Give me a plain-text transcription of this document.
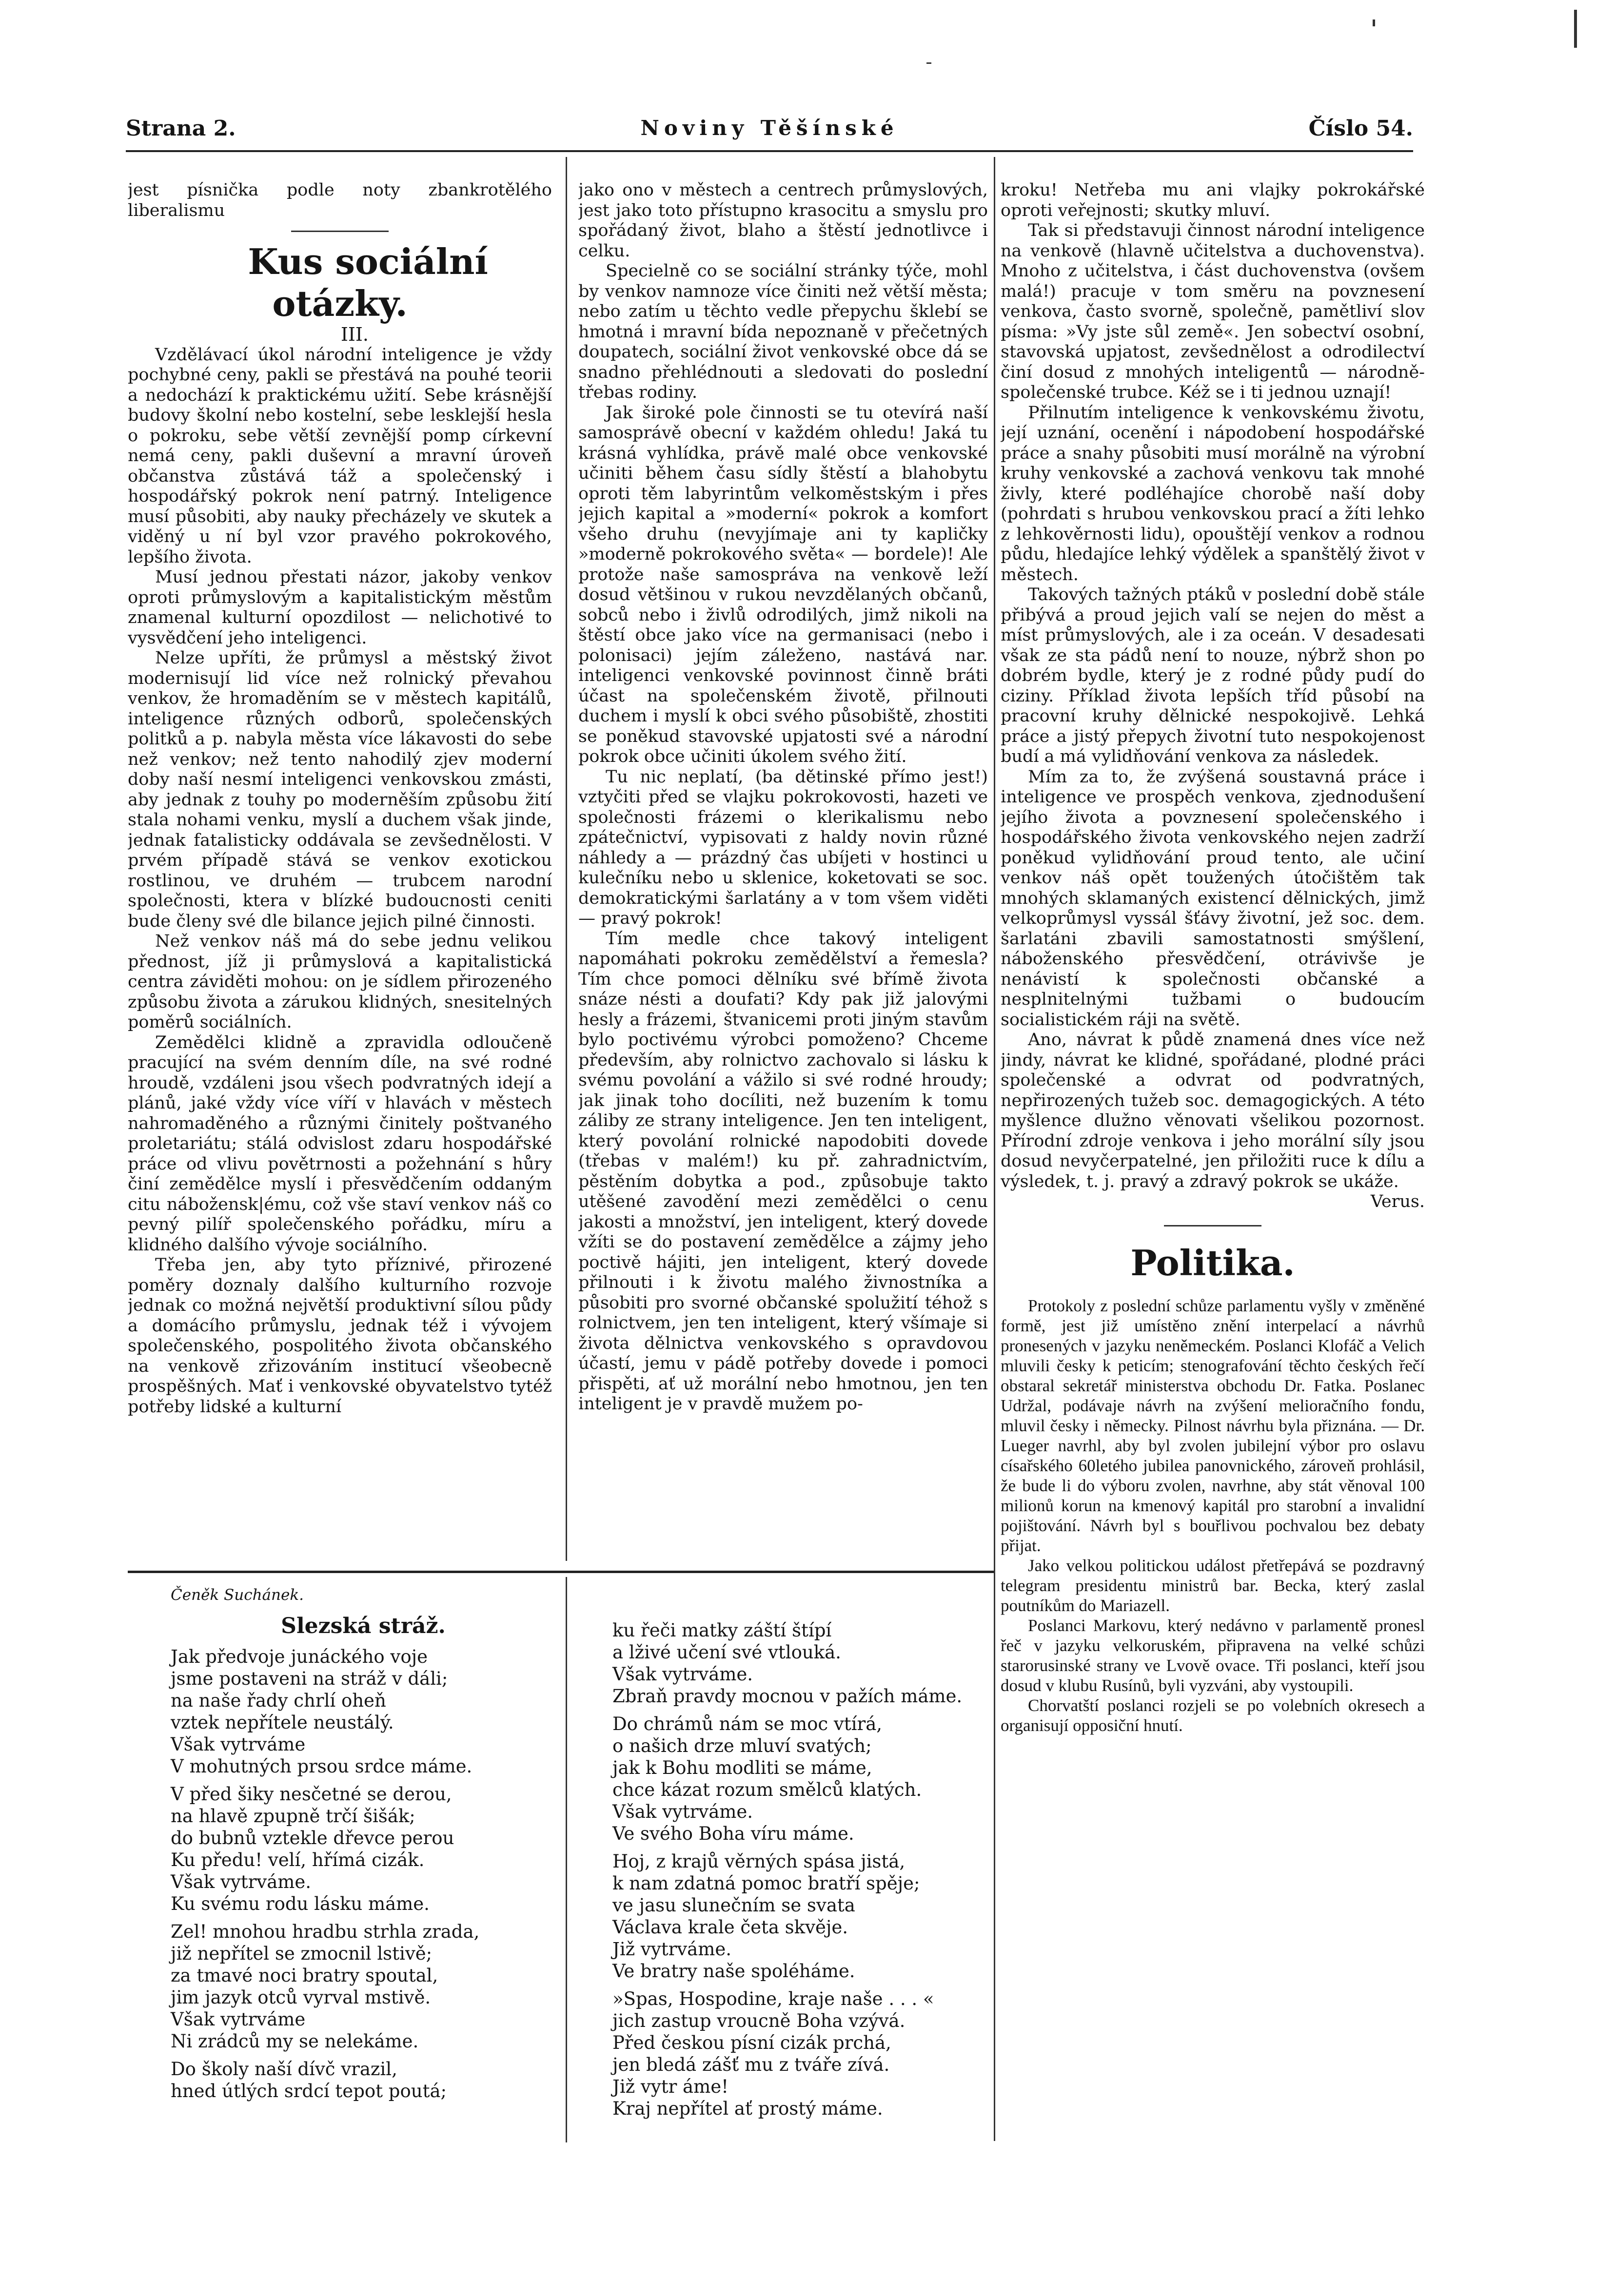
Strana 2.	Noviny Těšínské	Číslo 54.

jest písnička podle noty zbankrotělého liberalismu

Kus sociální otázky.

III.

Vzdělávací úkol národní inteligence je vždy pochybné ceny, pakli se přestává na pouhé teorii a nedochází k praktickému užití. Sebe krásnější budovy školní nebo kostelní, sebe lesklejší hesla o pokroku, sebe větší zevnější pomp církevní nemá ceny, pakli duševní a mravní úroveň občanstva zůstává táž a společenský i hospodářský pokrok není patrný. Inteligence musí působiti, aby nauky přecházely ve skutek a viděný u ní byl vzor pravého pokrokového, lepšího života.

Musí jednou přestati názor, jakoby venkov oproti průmyslovým a kapitalistickým městům znamenal kulturní opozdilost — nelichotivé to vysvědčení jeho inteligenci.

Nelze upříti, že průmysl a městský život modernisují lid více než rolnický převahou venkov, že hromaděním se v městech kapitálů, inteligence různých odborů, společenských politků a p. nabyla města více lákavosti do sebe než venkov; než tento nahodilý zjev moderní doby naší nesmí inteligenci venkovskou zmásti, aby jednak z touhy po moderněším způsobu žití stala nohami venku, myslí a duchem však jinde, jednak fatalisticky oddávala se zevšednělosti. V prvém případě stává se venkov exotickou rostlinou, ve druhém — trubcem narodní společnosti, ktera v blízké budoucnosti ceniti bude členy své dle bilance jejich pilné činnosti.

Než venkov náš má do sebe jednu velikou přednost, jíž ji průmyslová a kapitalistická centra záviděti mohou: on je sídlem přirozeného způsobu života a zárukou klidných, snesitelných poměrů sociálních.

Zemědělci klidně a zpravidla odloučeně pracující na svém denním díle, na své rodné hroudě, vzdáleni jsou všech podvratných idejí a plánů, jaké vždy více víří v hlavách v městech nahromaděného a různými činitely poštvaného proletariátu; stálá odvislost zdaru hospodářské práce od vlivu povětrnosti a požehnání s hůry činí zemědělce myslí i přesvědčením oddaným citu nábožensk|ému, což vše staví venkov náš co pevný pilíř společenského pořádku, míru a klidného dalšího vývoje sociálního.

Třeba jen, aby tyto příznivé, přirozené poměry doznaly dalšího kulturního rozvoje jednak co možná největší produktivní sílou půdy a domácího průmyslu, jednak též i vývojem společenského, pospolitého života občanského na venkově zřizováním institucí všeobecně prospěšných. Mať i venkovské obyvatelstvo tytéž potřeby lidské a kulturní

jako ono v městech a centrech průmyslových, jest jako toto přístupno krasocitu a smyslu pro spořádaný život, blaho a štěstí jednotlivce i celku.

Specielně co se sociální stránky týče, mohl by venkov namnoze více činiti než větší města; nebo zatím u těchto vedle přepychu šklebí se hmotná i mravní bída nepoznaně v přečetných doupatech, sociální život venkovské obce dá se snadno přehlédnouti a sledovati do poslední třebas rodiny.

Jak široké pole činnosti se tu otevírá naší samosprávě obecní v každém ohledu! Jaká tu krásná vyhlídka, právě malé obce venkovské učiniti během času sídly štěstí a blahobytu oproti těm labyrintům velkoměstským i přes jejich kapital a »moderní« pokrok a komfort všeho druhu (nevyjímaje ani ty kapličky »moderně pokrokového světa« — bordele)! Ale protože naše samospráva na venkově leží dosud většinou v rukou nevzdělaných občanů, sobců nebo i živlů odrodilých, jimž nikoli na štěstí obce jako více na germanisaci (nebo i polonisaci) jejím záleženo, nastává nar. inteligenci venkovské povinnost činně bráti účast na společenském životě, přilnouti duchem i myslí k obci svého působiště, zhostiti se poněkud stavovské upjatosti své a národní pokrok obce učiniti úkolem svého žití.

Tu nic neplatí, (ba dětinské přímo jest!) vztyčiti před se vlajku pokrokovosti, hazeti ve společnosti frázemi o klerikalismu nebo zpátečnictví, vypisovati z haldy novin různé náhledy a — prázdný čas ubíjeti v hostinci u kulečníku nebo u sklenice, koketovati se soc. demokratickými šarlatány a v tom všem viděti — pravý pokrok!

Tím medle chce takový inteligent napomáhati pokroku zemědělství a řemesla? Tím chce pomoci dělníku své břímě života snáze nésti a doufati? Kdy pak již jalovými hesly a frázemi, štvanicemi proti jiným stavům bylo poctivému výrobci pomoženo? Chceme především, aby rolnictvo zachovalo si lásku k svému povolání a vážilo si své rodné hroudy; jak jinak toho docíliti, než buzením k tomu záliby ze strany inteligence. Jen ten inteligent, který povolání rolnické napodobiti dovede (třebas v malém!) ku př. zahradnictvím, pěstěním dobytka a pod., způsobuje takto utěšené zavodění mezi zemědělci o cenu jakosti a množství, jen inteligent, který dovede vžíti se do postavení zemědělce a zájmy jeho poctivě hájiti, jen inteligent, který dovede přilnouti i k životu malého živnostníka a působiti pro svorné občanské spolužití téhož s rolnictvem, jen ten inteligent, který všímaje si života dělnictva venkovského s opravdovou účastí, jemu v pádě potřeby dovede i pomoci přispěti, ať už morální nebo hmotnou, jen ten inteligent je v pravdě mužem po-

kroku! Netřeba mu ani vlajky pokrokářské oproti veřejnosti; skutky mluví.

Tak si představuji činnost národní inteligence na venkově (hlavně učitelstva a duchovenstva). Mnoho z učitelstva, i část duchovenstva (ovšem malá!) pracuje v tom směru na povznesení venkova, často svorně, společně, pamětliví slov písma: »Vy jste sůl země«. Jen sobectví osobní, stavovská upjatost, zevšednělost a odrodilectví činí dosud z mnohých inteligentů — národně-společenské trubce. Kéž se i ti jednou uznají!

Přilnutím inteligence k venkovskému životu, její uznání, ocenění i nápodobení hospodářské práce a snahy působiti musí morálně na výrobní kruhy venkovské a zachová venkovu tak mnohé živly, které podléhajíce chorobě naší doby (pohrdati s hrubou venkovskou prací a žíti lehko z lehkověrnosti lidu), opouštějí venkov a rodnou půdu, hledajíce lehký výdělek a spanštělý život v městech.

Takových tažných ptáků v poslední době stále přibývá a proud jejich valí se nejen do měst a míst průmyslových, ale i za oceán. V desadesati však ze sta pádů není to nouze, nýbrž shon po dobrém bydle, který je z rodné půdy pudí do ciziny. Příklad života lepších tříd působí na pracovní kruhy dělnické nespokojivě. Lehká práce a jistý přepych životní tuto nespokojenost budí a má vylidňování venkova za následek.

Mím za to, že zvýšená soustavná práce i inteligence ve prospěch venkova, zjednodušení jejího života a povznesení společenského i hospodářského života venkovského nejen zadrží poněkud vylidňování proud tento, ale učiní venkov náš opět toužených útočištěm tak mnohých sklamaných existencí dělnických, jimž velkoprůmysl vyssál šťávy životní, jež soc. dem. šarlatáni zbavili samostatnosti smýšlení, náboženského přesvědčení, otrávivše je nenávistí k společnosti občanské a nesplnitelnými tužbami o budoucím socialistickém ráji na světě.

Ano, návrat k půdě znamená dnes více než jindy, návrat ke klidné, spořádané, plodné práci společenské a odvrat od podvratných, nepřirozených tužeb soc. demagogických. A této myšlence dlužno věnovati všelikou pozornost. Přírodní zdroje venkova i jeho morální síly jsou dosud nevyčerpatelné, jen přiložiti ruce k dílu a výsledek, t. j. pravý a zdravý pokrok se ukáže.

Verus.

Politika.

Protokoly z poslední schůze parlamentu vyšly v změněné formě, jest již umístěno znění interpelací a návrhů pronesených v jazyku neněmeckém. Poslanci Klofáč a Velich mluvili česky k peticím; stenografování těchto českých řečí obstaral sekretář ministerstva obchodu Dr. Fatka. Poslanec Udržal, podávaje návrh na zvýšení melioračního fondu, mluvil česky i německy. Pilnost návrhu byla přiznána. — Dr. Lueger navrhl, aby byl zvolen jubilejní výbor pro oslavu císařského 60letého jubilea panovnického, zároveň prohlásil, že bude li do výboru zvolen, navrhne, aby stát věnoval 100 milionů korun na kmenový kapitál pro starobní a invalidní pojištování. Návrh byl s bouřlivou pochvalou bez debaty přijat.

Jako velkou politickou událost přetřepává se pozdravný telegram presidentu ministrů bar. Becka, který zaslal poutníkům do Mariazell.

Poslanci Markovu, který nedávno v parlamentě pronesl řeč v jazyku velkoruském, připravena na velké schůzi starorusinské strany ve Lvově ovace. Tři poslanci, kteří jsou dosud v klubu Rusínů, byli vyzváni, aby vystoupili.

Chorvatští poslanci rozjeli se po volebních okresech a organisují opposiční hnutí.

Čeněk Suchánek.
Slezská stráž.
Jak předvoje junáckého voje
jsme postaveni na stráž v dáli;
na naše řady chrlí oheň
vztek nepřítele neustálý.
Však vytrváme
V mohutných prsou srdce máme.
V před šiky nesčetné se derou,
na hlavě zpupně trčí šišák;
do bubnů vztekle dřevce perou
Ku předu! velí, hřímá cizák.
Však vytrváme.
Ku svému rodu lásku máme.
Zel! mnohou hradbu strhla zrada,
již nepřítel se zmocnil lstivě;
za tmavé noci bratry spoutal,
jim jazyk otců vyrval mstivě.
Však vytrváme
Ni zrádců my se nelekáme.
Do školy naší dívč vrazil,
hned útlých srdcí tepot poutá;
ku řeči matky záští štípí
a lživé učení své vtlouká.
Však vytrváme.
Zbraň pravdy mocnou v pažích máme.
Do chrámů nám se moc vtírá,
o našich drze mluví svatých;
jak k Bohu modliti se máme,
chce kázat rozum smělců klatých.
Však vytrváme.
Ve svého Boha víru máme.
Hoj, z krajů věrných spása jistá,
k nam zdatná pomoc bratří spěje;
ve jasu slunečním se svata
Václava krale četa skvěje.
Již vytrváme.
Ve bratry naše spoléháme.
»Spas, Hospodine, kraje naše . . . «
jich zastup vroucně Boha vzývá.
Před českou písní cizák prchá,
jen bledá zášť mu z tváře zívá.
Již vytr áme!
Kraj nepřítel ať prostý máme.
